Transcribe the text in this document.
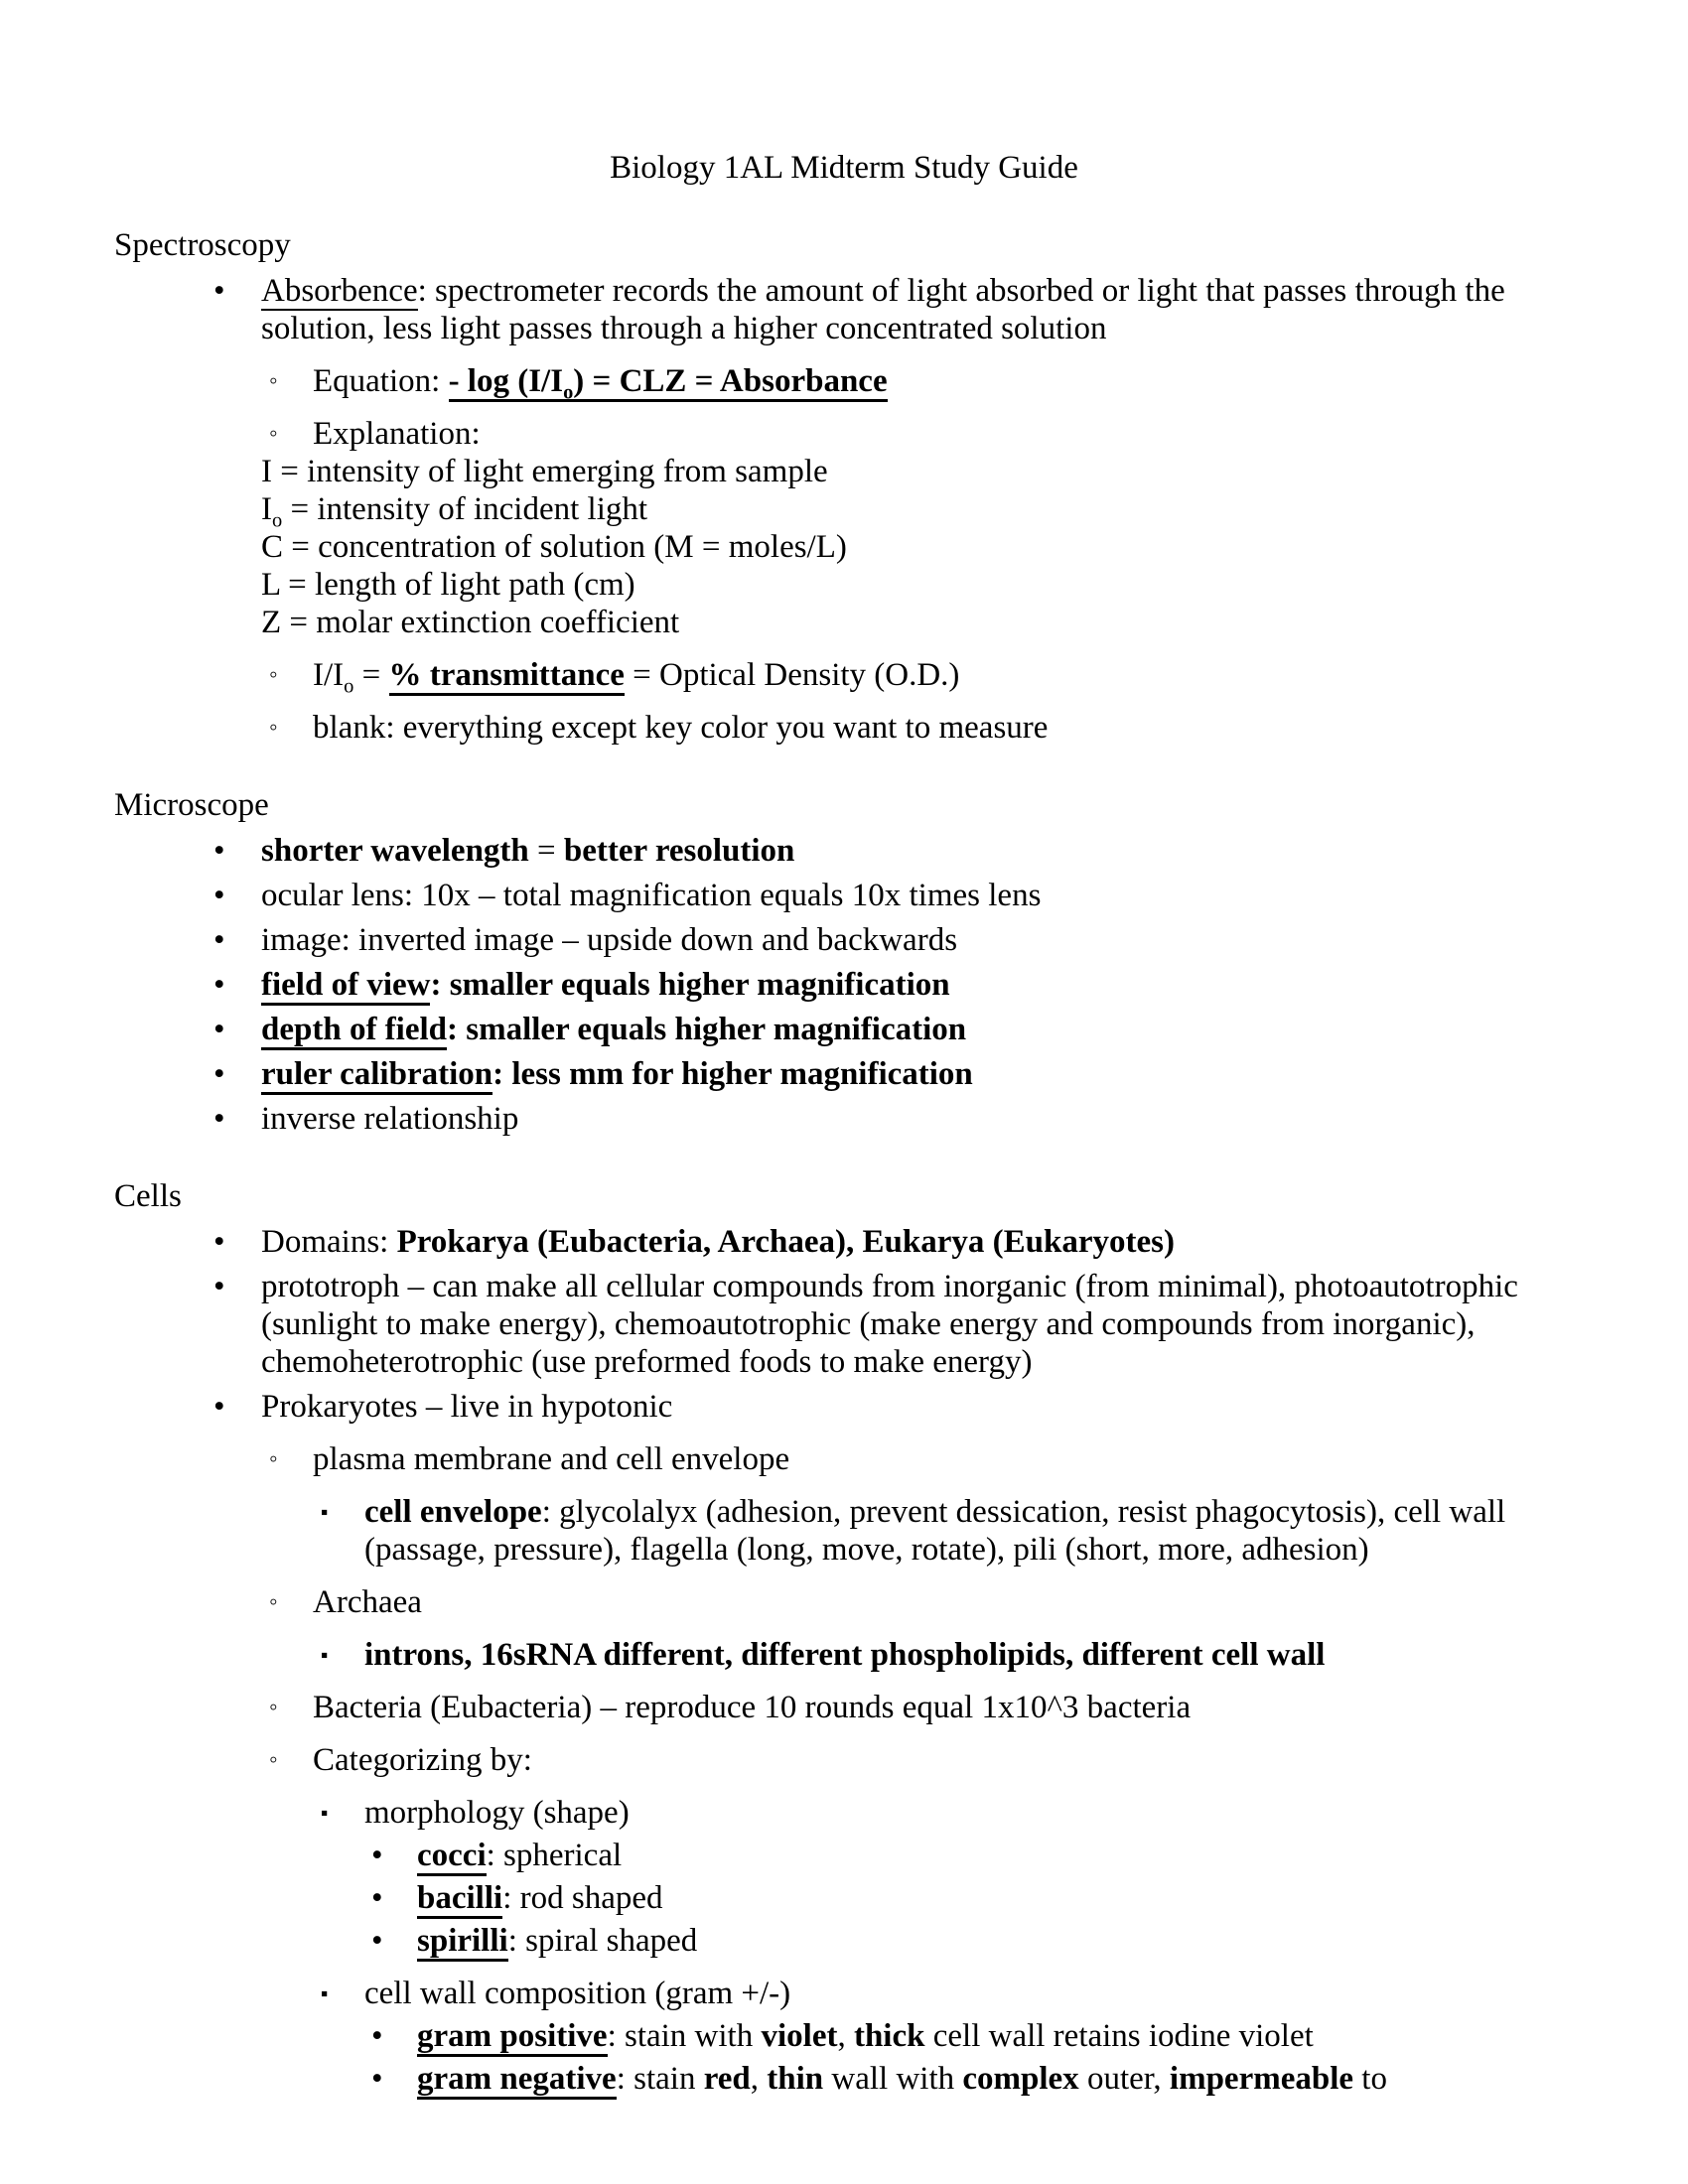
Biology 1AL Midterm Study Guide
Spectroscopy
• Absorbence: spectrometer records the amount of light absorbed or light that passes through the solution, less light passes through a higher concentrated solution
◦ Equation: - $\log (I/I_o)$ = CLZ = Absorbance
◦ Explanation:
I = intensity of light emerging from sample
$I_o$ = intensity of incident light
C = concentration of solution (M = moles/L)
L = length of light path (cm)
Z = molar extinction coefficient
◦ $I/I_o$ = % transmittance = Optical Density (O.D.)
◦ blank: everything except key color you want to measure
Microscope
• shorter wavelength = better resolution
• ocular lens: 10x – total magnification equals 10x times lens
• image: inverted image – upside down and backwards
• field of view: smaller equals higher magnification
• depth of field: smaller equals higher magnification
• ruler calibration: less mm for higher magnification
• inverse relationship
Cells
• Domains: Prokarya (Eubacteria, Archaea), Eukarya (Eukaryotes)
• prototroph – can make all cellular compounds from inorganic (from minimal), photoautotrophic (sunlight to make energy), chemoautotrophic (make energy and compounds from inorganic), chemoheterotrophic (use preformed foods to make energy)
• Prokaryotes – live in hypotonic
◦ plasma membrane and cell envelope
▪ cell envelope: glycolalyx (adhesion, prevent dessication, resist phagocytosis), cell wall (passage, pressure), flagella (long, move, rotate), pili (short, more, adhesion)
◦ Archaea
▪ introns, 16sRNA different, different phospholipids, different cell wall
◦ Bacteria (Eubacteria) – reproduce 10 rounds equal 1x10^3 bacteria
◦ Categorizing by:
▪ morphology (shape)
• cocci: spherical
• bacilli: rod shaped
• spirilli: spiral shaped
▪ cell wall composition (gram +/-)
• gram positive: stain with violet, thick cell wall retains iodine violet
• gram negative: stain red, thin wall with complex outer, impermeable to
